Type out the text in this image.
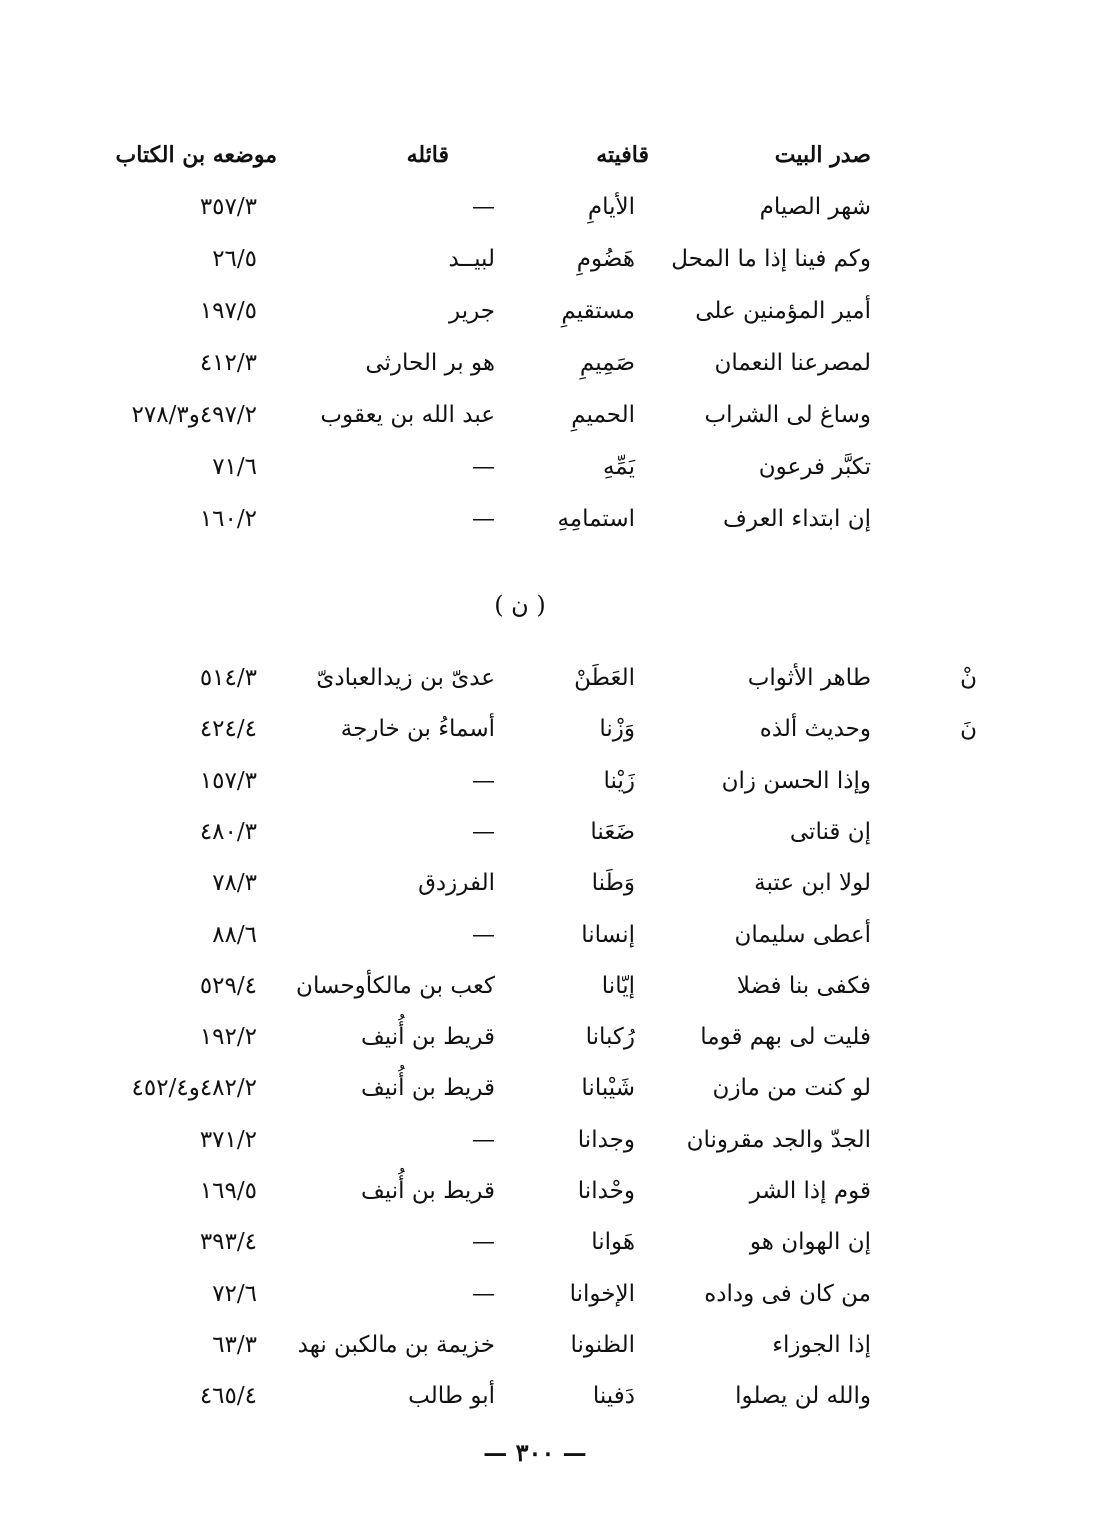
صدر البيت
قافيته
قائله
موضعه بن الكتاب
شهر الصيام
الأيامِ
—
٣٥٧/٣
وكم فينا إذا ما المحل
هَضُومِ
لبيــد
٢٦/٥
أمير المؤمنين على
مستقيمِ
جرير
١٩٧/٥
لمصرعنا النعمان
صَمِيمِ
هو بر الحارثى
٤١٢/٣
وساغ لى الشراب
الحميمِ
عبد الله بن يعقوب
٤٩٧/٢و٢٧٨/٣
تكبَّر فرعون
يَمِّهِ
—
٧١/٦
إن ابتداء العرف
استمامِهِ
—
١٦٠/٢
( ن )
طاهر الأثواب
العَطَنْ
عدىّ بن زيدالعبادىّ
٥١٤/٣	نْ
وحديث ألذه
وَزْنا
أسماءُ بن خارجة
٤٢٤/٤	نَ
وإذا الحسن زان
زَيْنا
—
١٥٧/٣
إن قناتى
ضَعَنا
—
٤٨٠/٣
لولا ابن عتبة
وَطَنا
الفرزدق
٧٨/٣
أعطى سليمان
إنسانا
—
٨٨/٦
فكفى بنا فضلا
إيّانا
كعب بن مالكأوحسان
٥٢٩/٤
فليت لى بهم قوما
رُكبانا
قريط بن أُنيف
١٩٢/٢
لو كنت من مازن
شَيْبانا
قريط بن أُنيف
٤٨٢/٢و٤٥٢/٤
الجدّ والجد مقرونان
وجدانا
—
٣٧١/٢
قوم إذا الشر
وحْدانا
قريط بن أُنيف
١٦٩/٥
إن الهوان هو
هَوانا
—
٣٩٣/٤
من كان فى وداده
الإخوانا
—
٧٢/٦
إذا الجوزاء
الظنونا
خزيمة بن مالكبن نهد
٦٣/٣
والله لن يصلوا
دَفينا
أبو طالب
٤٦٥/٤
— ٣٠٠ —
